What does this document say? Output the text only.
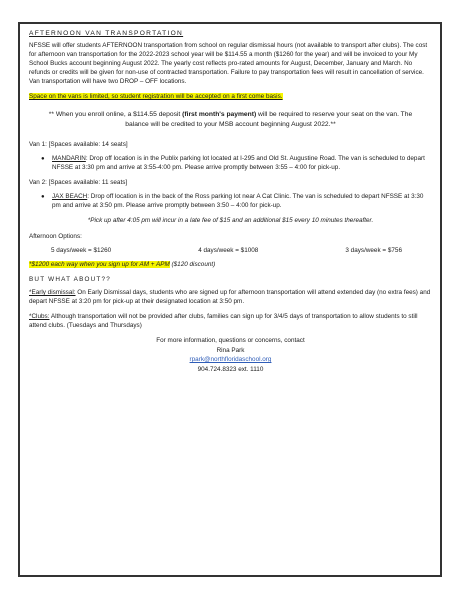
AFTERNOON VAN TRANSPORTATION

NFSSE will offer students AFTERNOON transportation from school on regular dismissal hours (not available to transport after clubs). The cost for afternoon van transportation for the 2022-2023 school year will be $114.55 a month ($1260 for the year) and will be invoiced to your My School Bucks account beginning August 2022. The yearly cost reflects pro-rated amounts for August, December, January and March. No refunds or credits will be given for non-use of contracted transportation. Failure to pay transportation fees will result in cancellation of service. Van transportation will have two DROP – OFF locations.

Space on the vans is limited, so student registration will be accepted on a first come basis.

** When you enroll online, a $114.55 deposit (first month's payment) will be required to reserve your seat on the van. The balance will be credited to your MSB account beginning August 2022.**

Van 1: [Spaces available: 14 seats]

●	MANDARIN: Drop off location is in the Publix parking lot located at I-295 and Old St. Augustine Road. The van is scheduled to depart NFSSE at 3:30 pm and arrive at 3:55-4:00 pm. Please arrive promptly between 3:55 – 4:00 for pick-up.

Van 2: [Spaces available: 11 seats]

●	JAX BEACH: Drop off location is in the back of the Ross parking lot near A Cat Clinic. The van is scheduled to depart NFSSE at 3:30 pm and arrive at 3:50 pm. Please arrive promptly between 3:50 – 4:00 for pick-up.

*Pick up after 4:05 pm will incur in a late fee of $15 and an additional $15 every 10 minutes thereafter.

Afternoon Options:

5 days/week = $1260	4 days/week = $1008	3 days/week = $756

*$1200 each way when you sign up for AM + APM ($120 discount)

BUT WHAT ABOUT??

*Early dismissal: On Early Dismissal days, students who are signed up for afternoon transportation will attend extended day (no extra fees) and depart NFSSE at 3:20 pm for pick-up at their designated location at 3:50 pm.

*Clubs: Although transportation will not be provided after clubs, families can sign up for 3/4/5 days of transportation to allow students to still attend clubs. (Tuesdays and Thursdays)

For more information, questions or concerns, contact
Rina Park
rpark@northfloridaschool.org
904.724.8323 ext. 1110
